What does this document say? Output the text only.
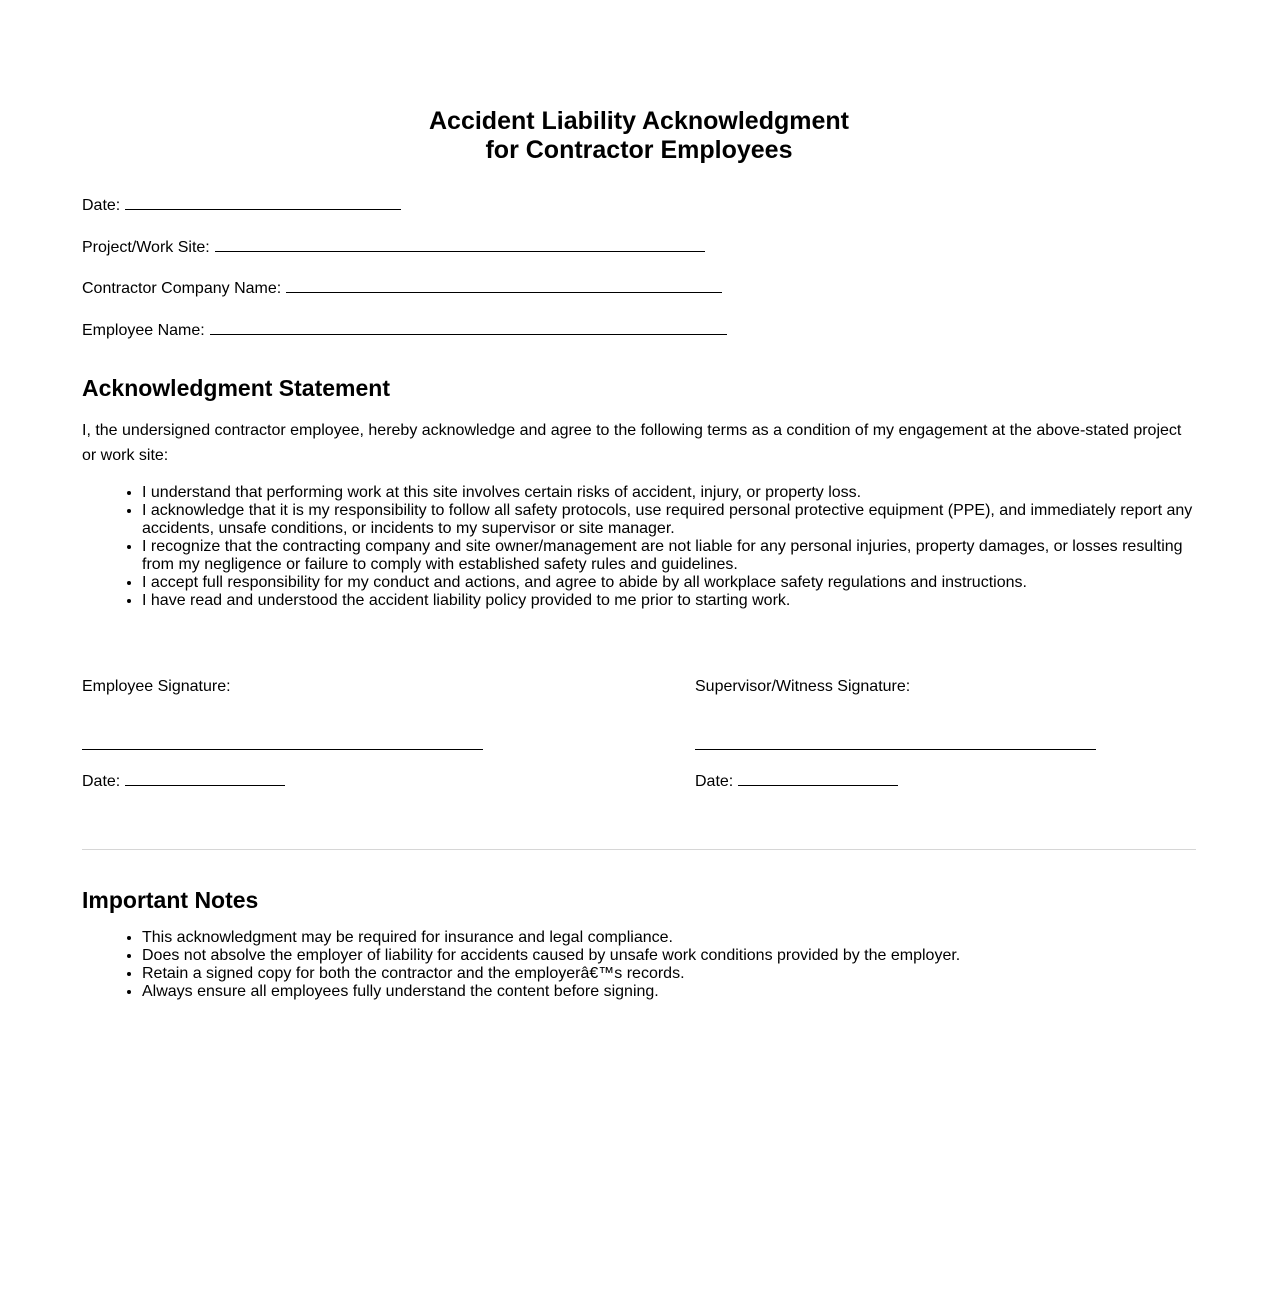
Accident Liability Acknowledgment
for Contractor Employees
Date:
Project/Work Site:
Contractor Company Name:
Employee Name:
Acknowledgment Statement

I, the undersigned contractor employee, hereby acknowledge and agree to the following terms as a condition of my engagement at the above-stated project or work site:

• I understand that performing work at this site involves certain risks of accident, injury, or property loss.
• I acknowledge that it is my responsibility to follow all safety protocols, use required personal protective equipment (PPE), and immediately report any accidents, unsafe conditions, or incidents to my supervisor or site manager.
• I recognize that the contracting company and site owner/management are not liable for any personal injuries, property damages, or losses resulting from my negligence or failure to comply with established safety rules and guidelines.
• I accept full responsibility for my conduct and actions, and agree to abide by all workplace safety regulations and instructions.
• I have read and understood the accident liability policy provided to me prior to starting work.
Employee Signature:
Date:
Supervisor/Witness Signature:
Date:
Important Notes
• This acknowledgment may be required for insurance and legal compliance.
• Does not absolve the employer of liability for accidents caused by unsafe work conditions provided by the employer.
• Retain a signed copy for both the contractor and the employerâ€™s records.
• Always ensure all employees fully understand the content before signing.
